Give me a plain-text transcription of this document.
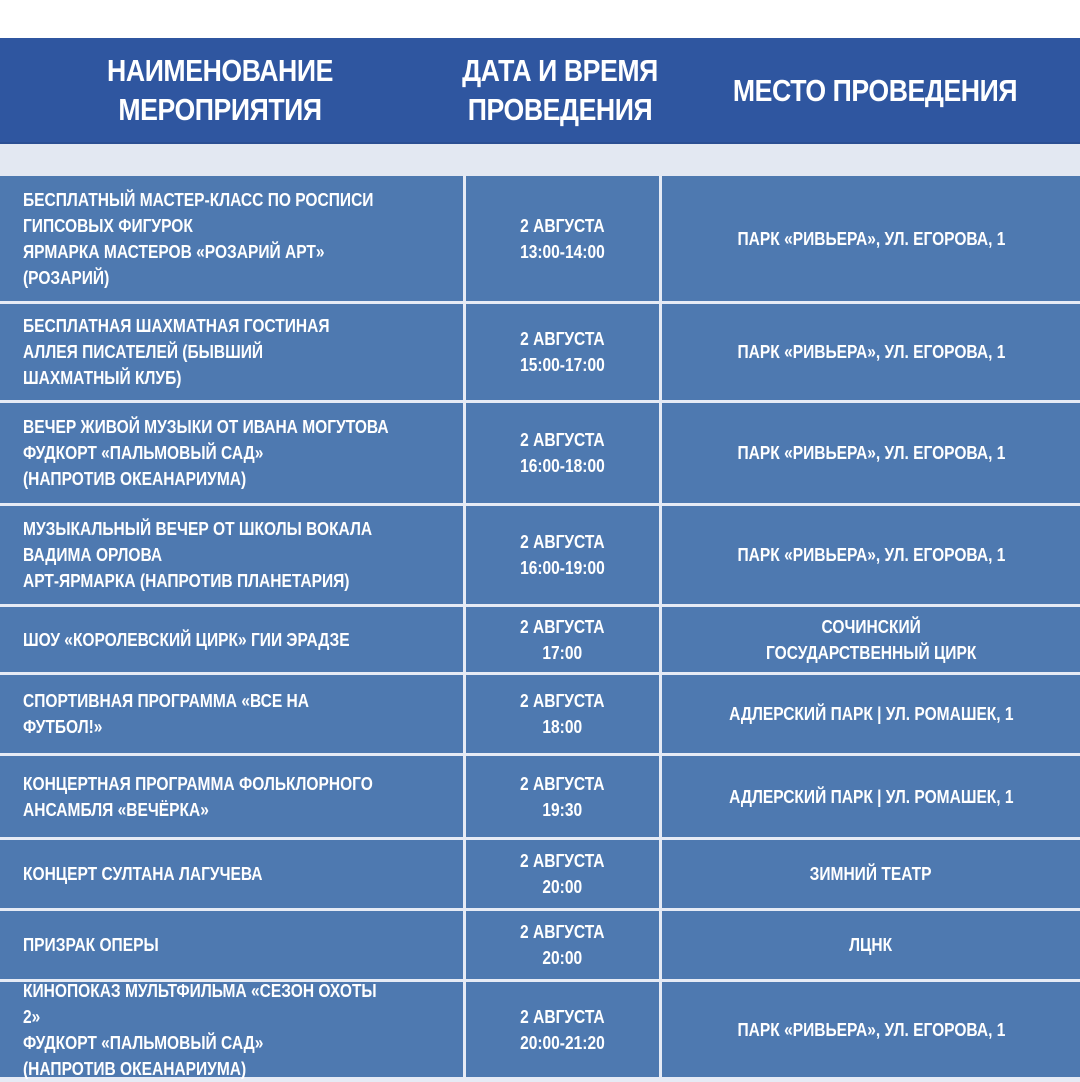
НАИМЕНОВАНИЕ
МЕРОПРИЯТИЯ
ДАТА И ВРЕМЯ
ПРОВЕДЕНИЯ
МЕСТО ПРОВЕДЕНИЯ
БЕСПЛАТНЫЙ МАСТЕР-КЛАСС ПО РОСПИСИ
ГИПСОВЫХ ФИГУРОК
ЯРМАРКА МАСТЕРОВ «РОЗАРИЙ АРТ»
(РОЗАРИЙ)
2 АВГУСТА
13:00-14:00
ПАРК «РИВЬЕРА», УЛ. ЕГОРОВА, 1
БЕСПЛАТНАЯ ШАХМАТНАЯ ГОСТИНАЯ
АЛЛЕЯ ПИСАТЕЛЕЙ (БЫВШИЙ
ШАХМАТНЫЙ КЛУБ)
2 АВГУСТА
15:00-17:00
ПАРК «РИВЬЕРА», УЛ. ЕГОРОВА, 1
ВЕЧЕР ЖИВОЙ МУЗЫКИ ОТ ИВАНА МОГУТОВА
ФУДКОРТ «ПАЛЬМОВЫЙ САД»
(НАПРОТИВ ОКЕАНАРИУМА)
2 АВГУСТА
16:00-18:00
ПАРК «РИВЬЕРА», УЛ. ЕГОРОВА, 1
МУЗЫКАЛЬНЫЙ ВЕЧЕР ОТ ШКОЛЫ ВОКАЛА
ВАДИМА ОРЛОВА
АРТ-ЯРМАРКА (НАПРОТИВ ПЛАНЕТАРИЯ)
2 АВГУСТА
16:00-19:00
ПАРК «РИВЬЕРА», УЛ. ЕГОРОВА, 1
ШОУ «КОРОЛЕВСКИЙ ЦИРК» ГИИ ЭРАДЗЕ
2 АВГУСТА
17:00
СОЧИНСКИЙ
ГОСУДАРСТВЕННЫЙ ЦИРК
СПОРТИВНАЯ ПРОГРАММА «ВСЕ НА ФУТБОЛ!»
2 АВГУСТА
18:00
АДЛЕРСКИЙ ПАРК | УЛ. РОМАШЕК, 1
КОНЦЕРТНАЯ ПРОГРАММА ФОЛЬКЛОРНОГО
АНСАМБЛЯ «ВЕЧЁРКА»
2 АВГУСТА
19:30
АДЛЕРСКИЙ ПАРК | УЛ. РОМАШЕК, 1
КОНЦЕРТ СУЛТАНА ЛАГУЧЕВА
2 АВГУСТА
20:00
ЗИМНИЙ ТЕАТР
ПРИЗРАК ОПЕРЫ
2 АВГУСТА
20:00
ЛЦНК
КИНОПОКАЗ МУЛЬТФИЛЬМА «СЕЗОН ОХОТЫ 2»
ФУДКОРТ «ПАЛЬМОВЫЙ САД»
(НАПРОТИВ ОКЕАНАРИУМА)
2 АВГУСТА
20:00-21:20
ПАРК «РИВЬЕРА», УЛ. ЕГОРОВА, 1
